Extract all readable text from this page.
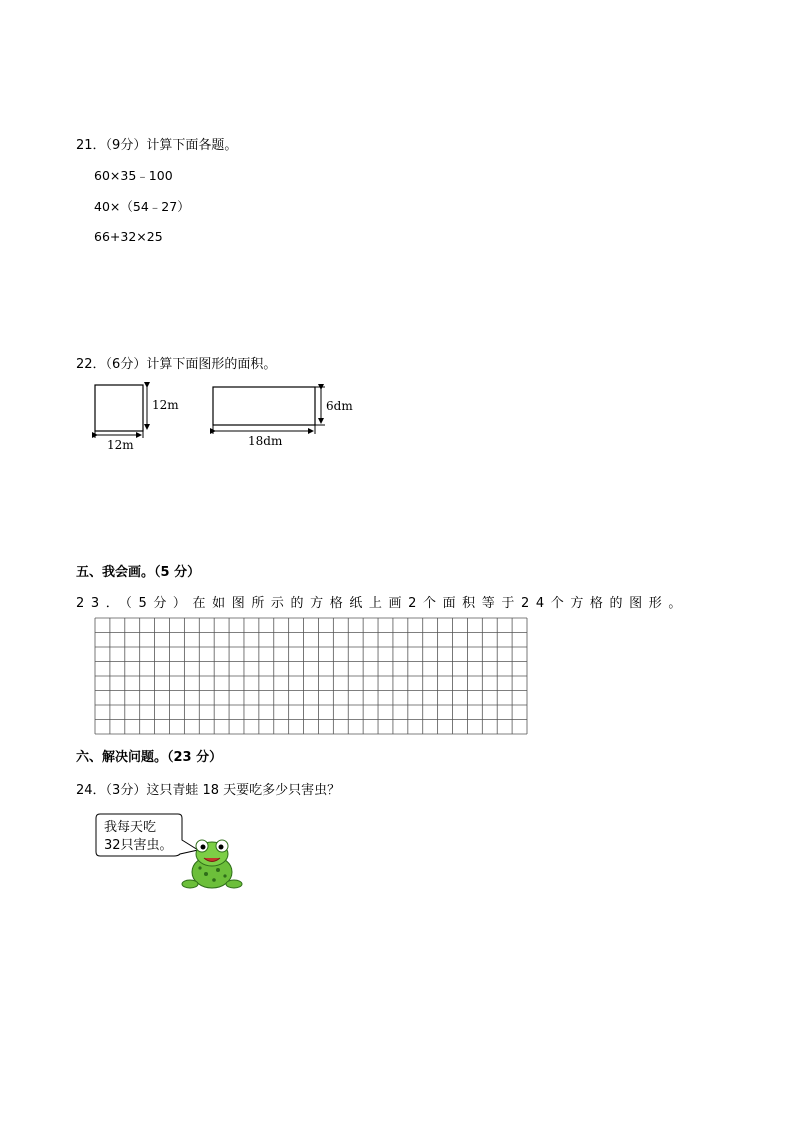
21．（9分）计算下面各题。
60×35﹣100
40×（54﹣27）
66+32×25
22．（6分）计算下面图形的面积。
12m
12m
6dm
18dm
五、我会画。（5 分）
23．（5分）在如图所示的方格纸上画2个面积等于24个方格的图形。
六、解决问题。（23 分）
24．（3分）这只青蛙 18 天要吃多少只害虫？
我每天吃
32只害虫。
